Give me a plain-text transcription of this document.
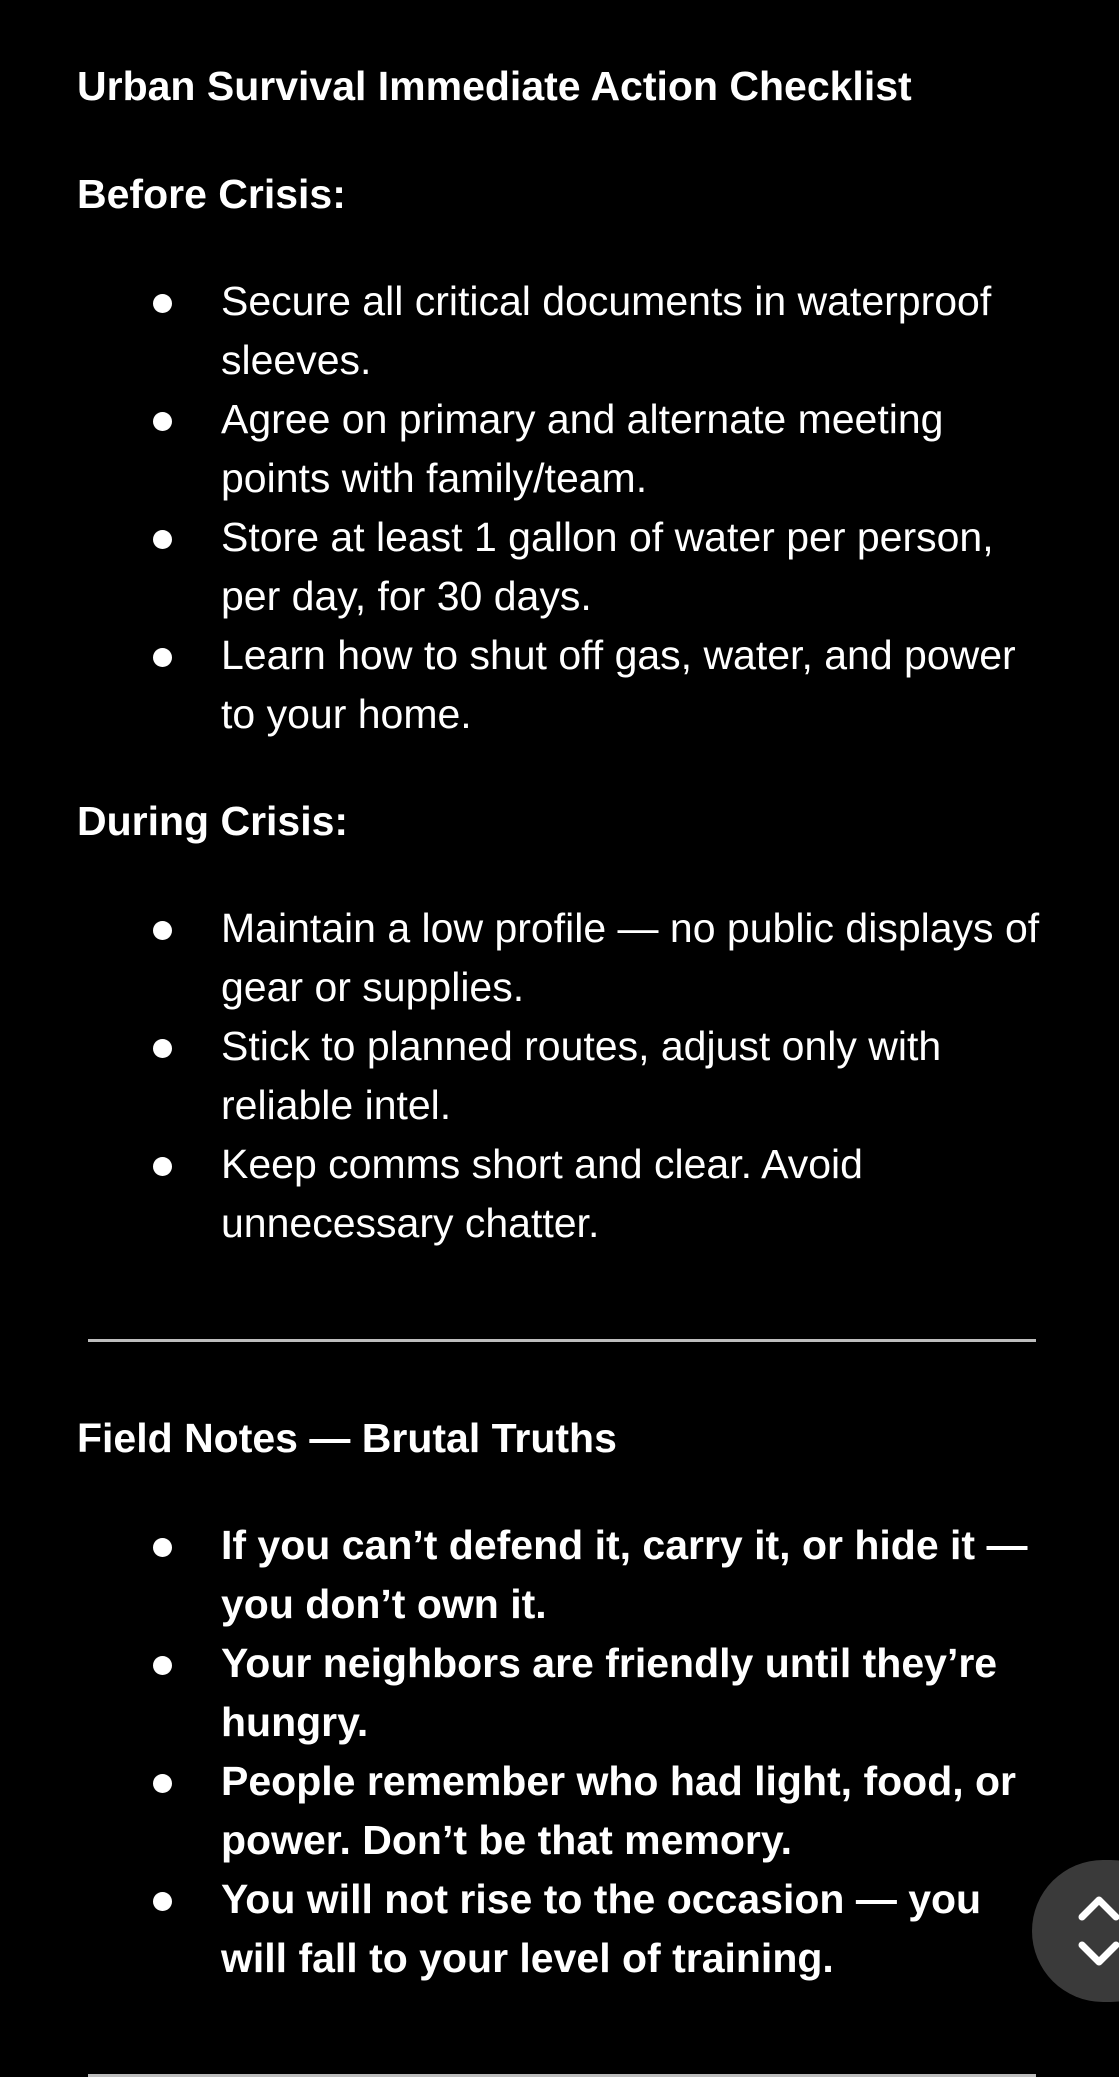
Urban Survival Immediate Action Checklist
Before Crisis:
Secure all critical documents in waterproof sleeves.
Agree on primary and alternate meeting points with family/team.
Store at least 1 gallon of water per person, per day, for 30 days.
Learn how to shut off gas, water, and power to your home.
During Crisis:
Maintain a low profile — no public displays of gear or supplies.
Stick to planned routes, adjust only with reliable intel.
Keep comms short and clear. Avoid unnecessary chatter.
Field Notes — Brutal Truths
If you can’t defend it, carry it, or hide it — you don’t own it.
Your neighbors are friendly until they’re hungry.
People remember who had light, food, or power. Don’t be that memory.
You will not rise to the occasion — you will fall to your level of training.
